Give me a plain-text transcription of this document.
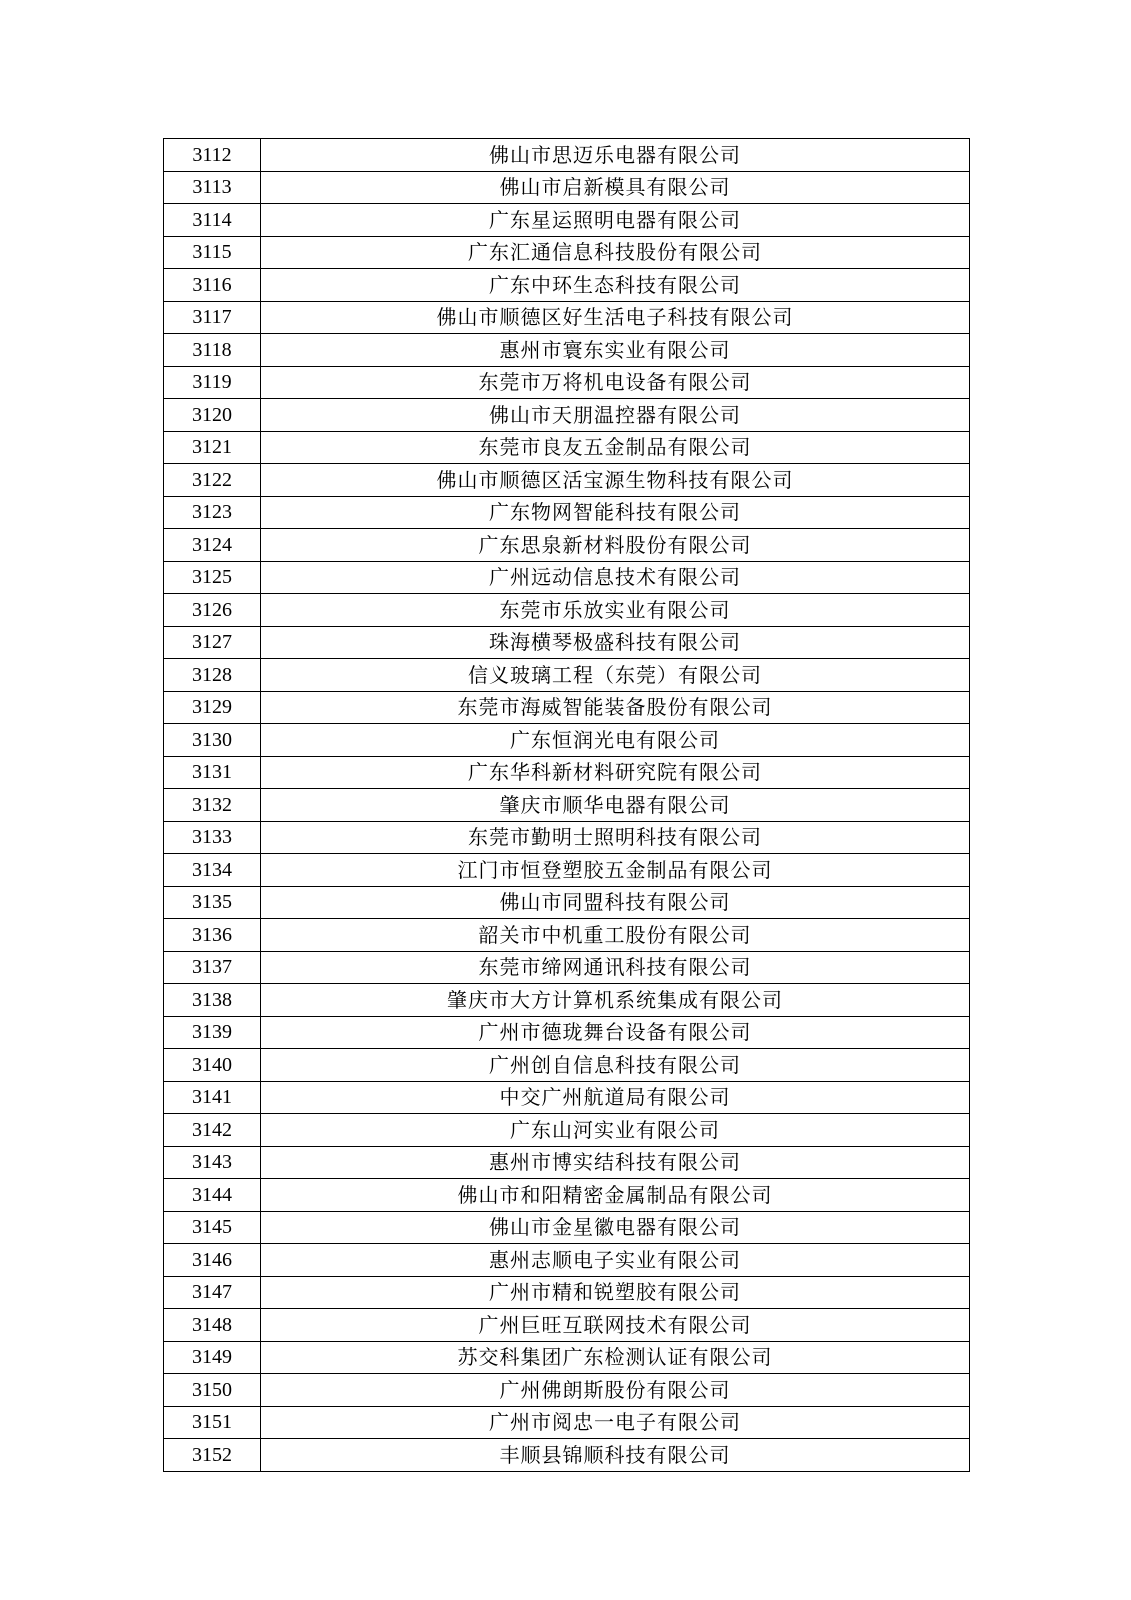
3112	佛山市思迈乐电器有限公司
3113	佛山市启新模具有限公司
3114	广东星运照明电器有限公司
3115	广东汇通信息科技股份有限公司
3116	广东中环生态科技有限公司
3117	佛山市顺德区好生活电子科技有限公司
3118	惠州市寰东实业有限公司
3119	东莞市万将机电设备有限公司
3120	佛山市天朋温控器有限公司
3121	东莞市良友五金制品有限公司
3122	佛山市顺德区活宝源生物科技有限公司
3123	广东物网智能科技有限公司
3124	广东思泉新材料股份有限公司
3125	广州远动信息技术有限公司
3126	东莞市乐放实业有限公司
3127	珠海横琴极盛科技有限公司
3128	信义玻璃工程（东莞）有限公司
3129	东莞市海威智能装备股份有限公司
3130	广东恒润光电有限公司
3131	广东华科新材料研究院有限公司
3132	肇庆市顺华电器有限公司
3133	东莞市勤明士照明科技有限公司
3134	江门市恒登塑胶五金制品有限公司
3135	佛山市同盟科技有限公司
3136	韶关市中机重工股份有限公司
3137	东莞市缔网通讯科技有限公司
3138	肇庆市大方计算机系统集成有限公司
3139	广州市德珑舞台设备有限公司
3140	广州创自信息科技有限公司
3141	中交广州航道局有限公司
3142	广东山河实业有限公司
3143	惠州市博实结科技有限公司
3144	佛山市和阳精密金属制品有限公司
3145	佛山市金星徽电器有限公司
3146	惠州志顺电子实业有限公司
3147	广州市精和锐塑胶有限公司
3148	广州巨旺互联网技术有限公司
3149	苏交科集团广东检测认证有限公司
3150	广州佛朗斯股份有限公司
3151	广州市阅忠一电子有限公司
3152	丰顺县锦顺科技有限公司
